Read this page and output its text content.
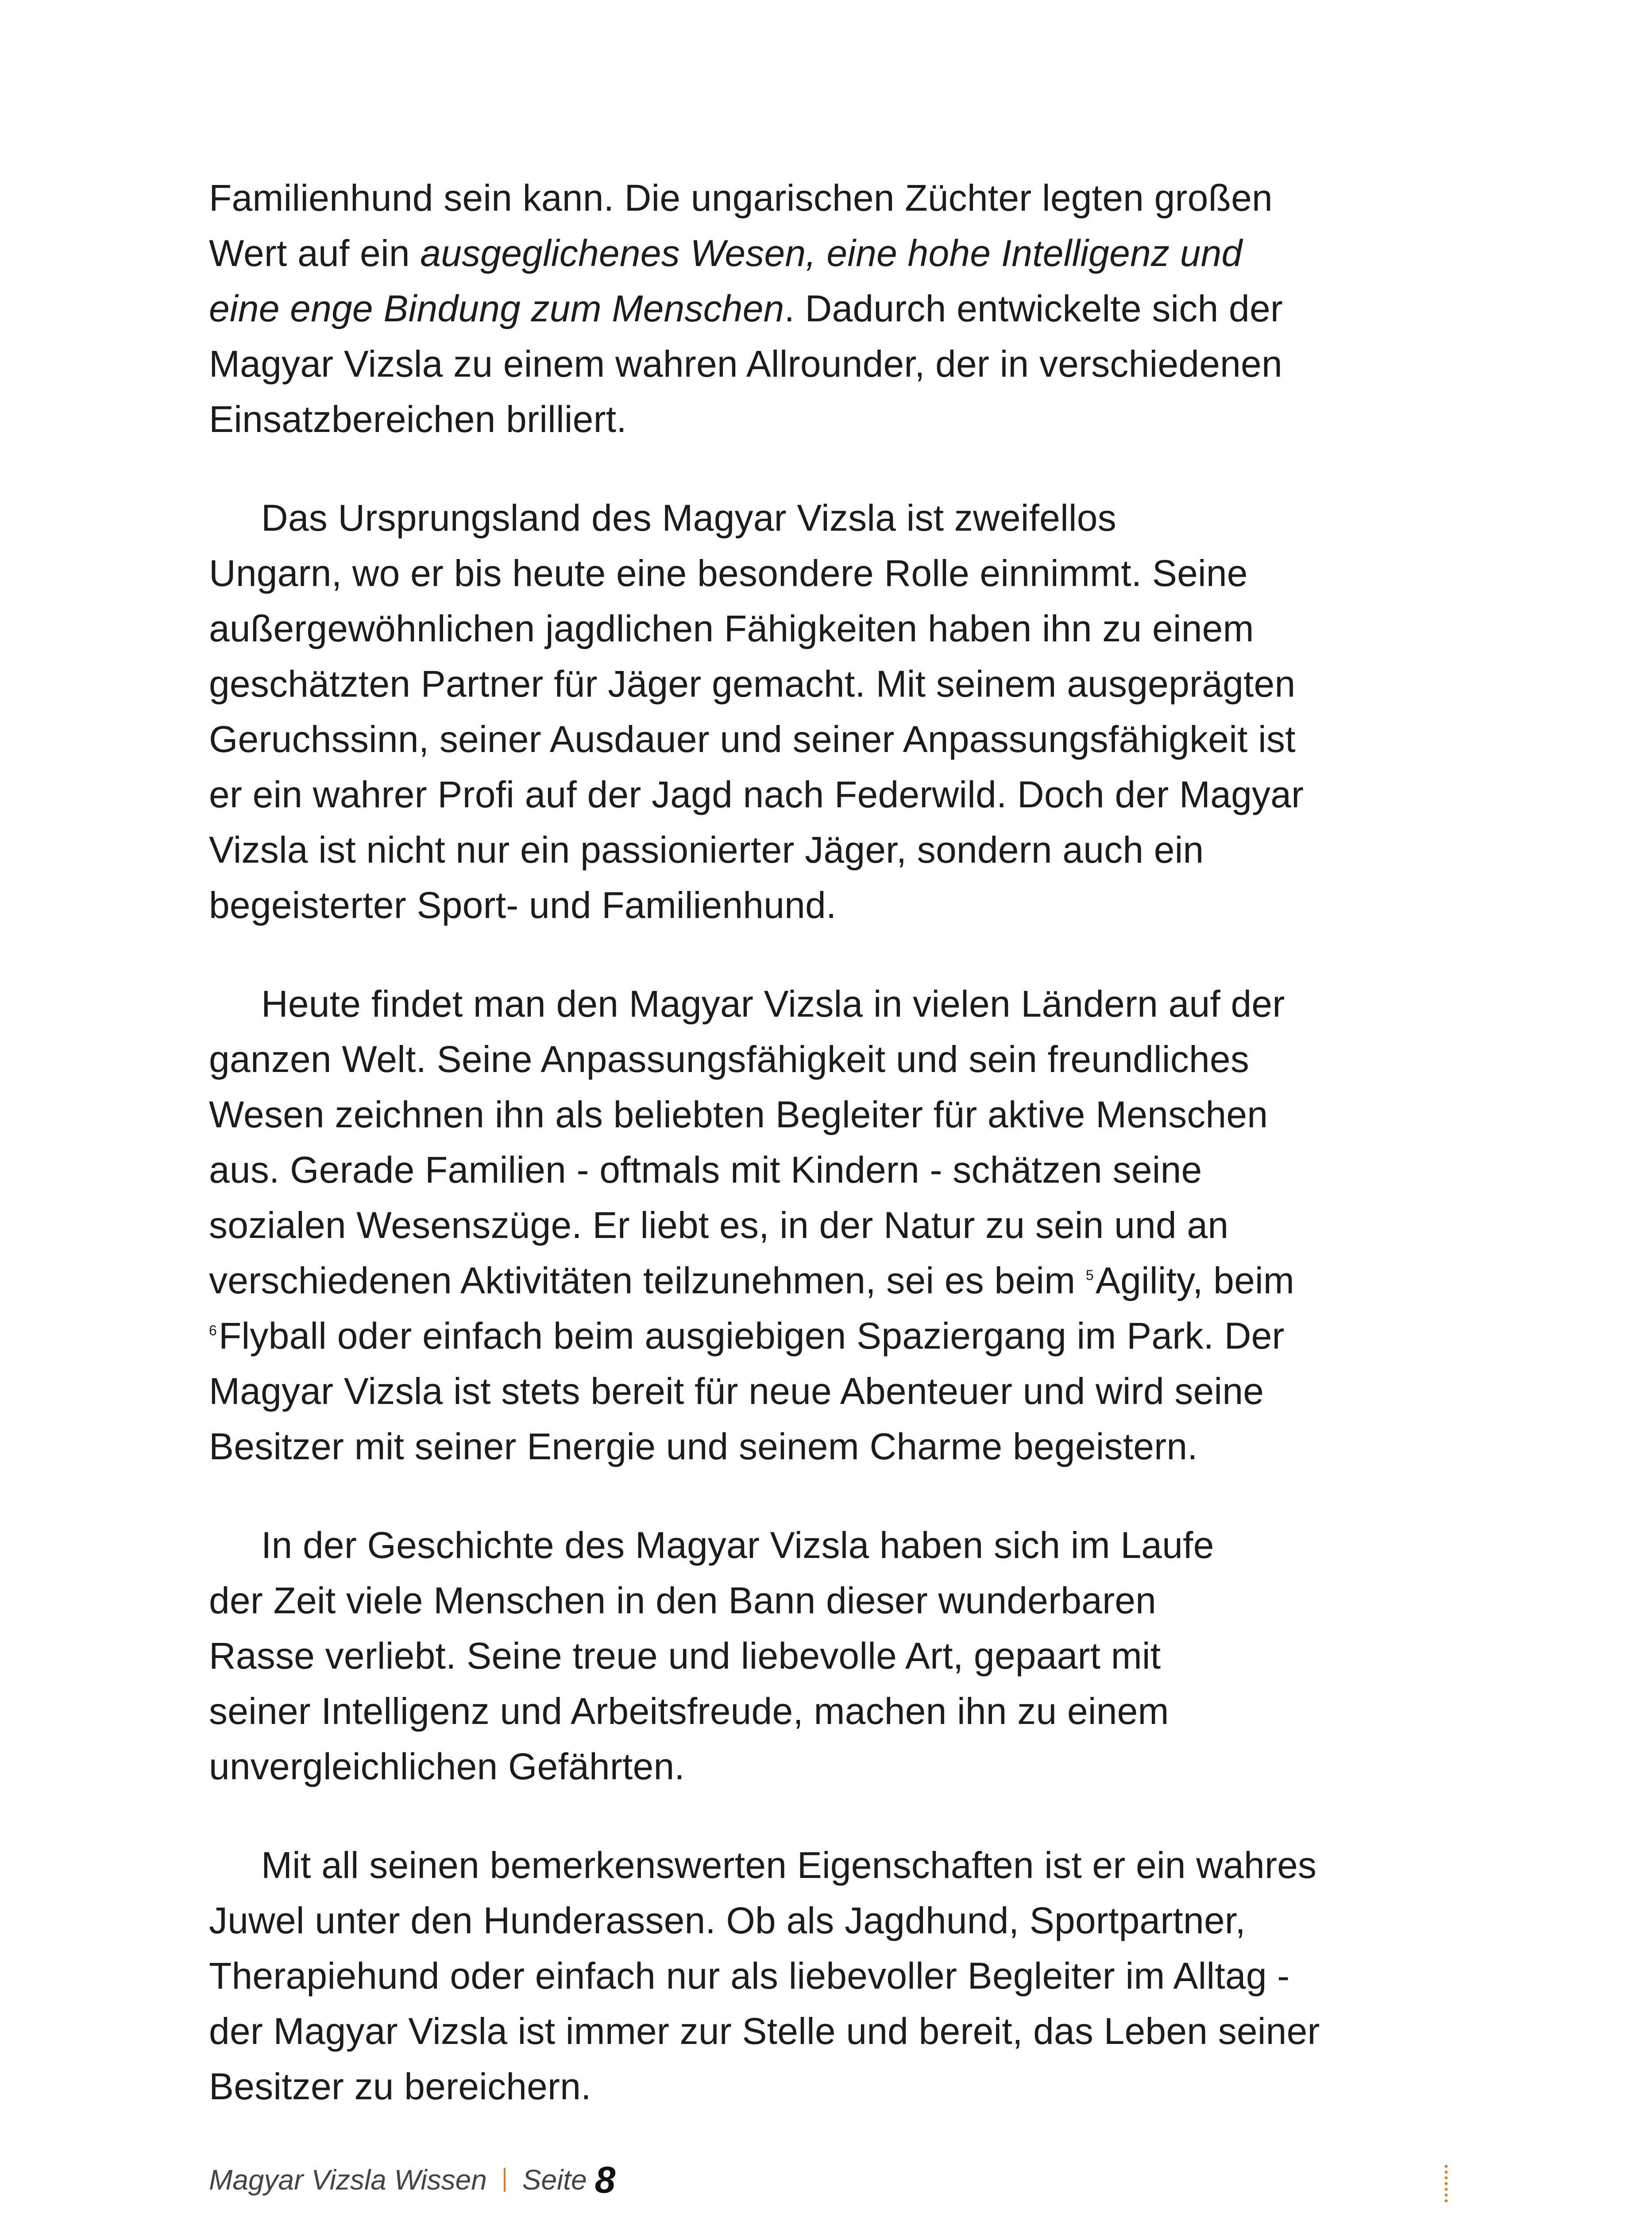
Familienhund sein kann. Die ungarischen Züchter legten großen
Wert auf ein ausgeglichenes Wesen, eine hohe Intelligenz und
eine enge Bindung zum Menschen. Dadurch entwickelte sich der
Magyar Vizsla zu einem wahren Allrounder, der in verschiedenen
Einsatzbereichen brilliert.
Das Ursprungsland des Magyar Vizsla ist zweifellos
Ungarn, wo er bis heute eine besondere Rolle einnimmt. Seine
außergewöhnlichen jagdlichen Fähigkeiten haben ihn zu einem
geschätzten Partner für Jäger gemacht. Mit seinem ausgeprägten
Geruchssinn, seiner Ausdauer und seiner Anpassungsfähigkeit ist
er ein wahrer Profi auf der Jagd nach Federwild. Doch der Magyar
Vizsla ist nicht nur ein passionierter Jäger, sondern auch ein
begeisterter Sport- und Familienhund.
Heute findet man den Magyar Vizsla in vielen Ländern auf der
ganzen Welt. Seine Anpassungsfähigkeit und sein freundliches
Wesen zeichnen ihn als beliebten Begleiter für aktive Menschen
aus. Gerade Familien - oftmals mit Kindern - schätzen seine
sozialen Wesenszüge. Er liebt es, in der Natur zu sein und an
verschiedenen Aktivitäten teilzunehmen, sei es beim $^5$Agility, beim
$^6$Flyball oder einfach beim ausgiebigen Spaziergang im Park. Der
Magyar Vizsla ist stets bereit für neue Abenteuer und wird seine
Besitzer mit seiner Energie und seinem Charme begeistern.
In der Geschichte des Magyar Vizsla haben sich im Laufe
der Zeit viele Menschen in den Bann dieser wunderbaren
Rasse verliebt. Seine treue und liebevolle Art, gepaart mit
seiner Intelligenz und Arbeitsfreude, machen ihn zu einem
unvergleichlichen Gefährten.
Mit all seinen bemerkenswerten Eigenschaften ist er ein wahres
Juwel unter den Hunderassen. Ob als Jagdhund, Sportpartner,
Therapiehund oder einfach nur als liebevoller Begleiter im Alltag -
der Magyar Vizsla ist immer zur Stelle und bereit, das Leben seiner
Besitzer zu bereichern.
Magyar Vizsla Wissen Seite 8
